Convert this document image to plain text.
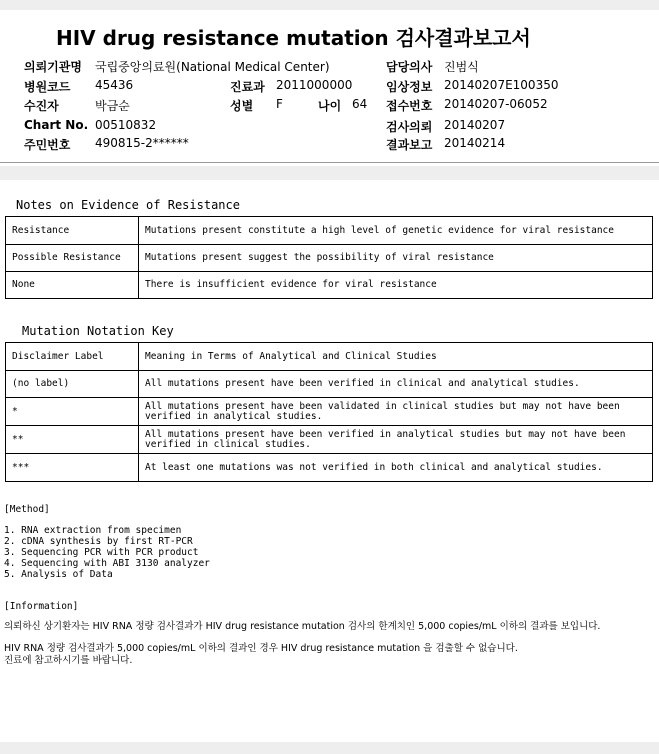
HIV drug resistance mutation 검사결과보고서
의뢰기관명 국립중앙의료원(National Medical Center)
병원코드 45436	진료과 2011000000
수진자	박금순	성별 F	나이 64
Chart No. 00510832
주민번호 490815-2******
담당의사 진범식
임상정보 20140207E100350
접수번호 20140207-06052
검사의뢰 20140207
결과보고 20140214
Notes on Evidence of Resistance
Resistance	Mutations present constitute a high level of genetic evidence for viral resistance
Possible Resistance	Mutations present suggest the possibility of viral resistance
None	There is insufficient evidence for viral resistance
Mutation Notation Key
Disclaimer Label	Meaning in Terms of Analytical and Clinical Studies
(no label)	All mutations present have been verified in clinical and analytical studies.
*	All mutations present have been validated in clinical studies but may not have been verified in analytical studies.
**	All mutations present have been verified in analytical studies but may not have been verified in clinical studies.
***	At least one mutations was not verified in both clinical and analytical studies.
[Method]
1. RNA extraction from specimen
2. cDNA synthesis by first RT-PCR
3. Sequencing PCR with PCR product
4. Sequencing with ABI 3130 analyzer
5. Analysis of Data
[Information]
의뢰하신 상기환자는 HIV RNA 정량 검사결과가 HIV drug resistance mutation 검사의 한계치인 5,000 copies/mL 이하의 결과를 보입니다.
HIV RNA 정량 검사결과가 5,000 copies/mL 이하의 결과인 경우 HIV drug resistance mutation 을 검출할 수 없습니다.
진료에 참고하시기를 바랍니다.
